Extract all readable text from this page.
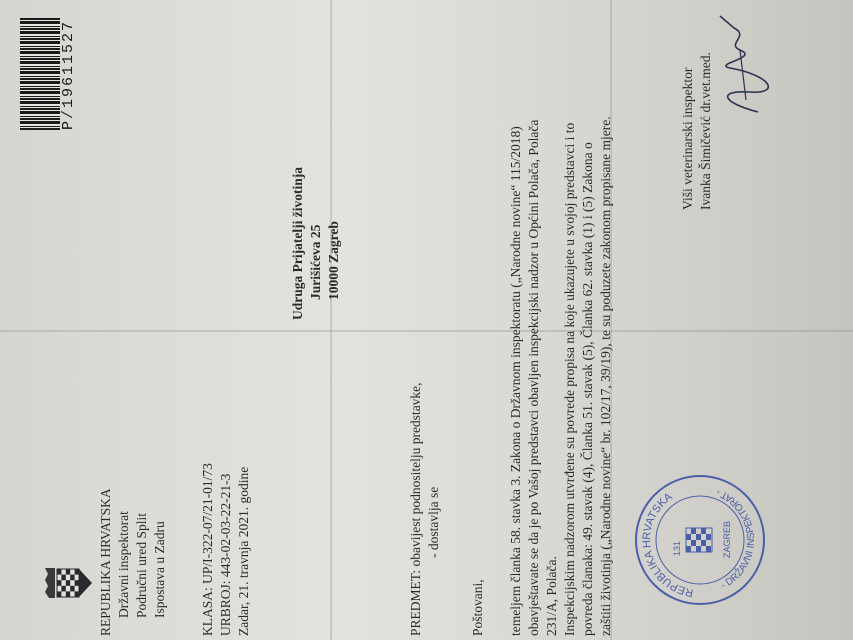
REPUBLIKA HRVATSKA Državni inspektorat Područni ured Split Ispostava u Zadru KLASA: UP/I-322-07/21-01/73 URBROJ: 443-02-03-22-21-3 Zadar, 21. travnja 2021. godine
P/19611527
Udruga Prijatelji životinja Jurišićeva 25 10000 Zagreb
PREDMET: obavijest podnositelju predstavke, - dostavlja se
Poštovani, temeljem članka 58. stavka 3. Zakona o Državnom inspektoratu („Narodne novine“ 115/2018) obavještavate se da je po Vašoj predstavci obavljen inspekcijski nadzor u Općini Polača, Polača 231/A, Polača. Inspekcijskim nadzorom utvrđene su povrede propisa na koje ukazujete u svojoj predstavci i to povreda članaka: 49. stavak (4), Članka 51. stavak (5), Članka 62. stavka (1) i (5) Zakona o zaštiti životinja („Narodne novine“ br. 102/17, 39/19), te su poduzete zakonom propisane mjere.	REPUBLIKA HRVATSKA
- DRŽAVNI INSPEKTORAT -
131	ZAGREB
Viši veterinarski inspektor Ivanka Šimičević dr.vet.med.
